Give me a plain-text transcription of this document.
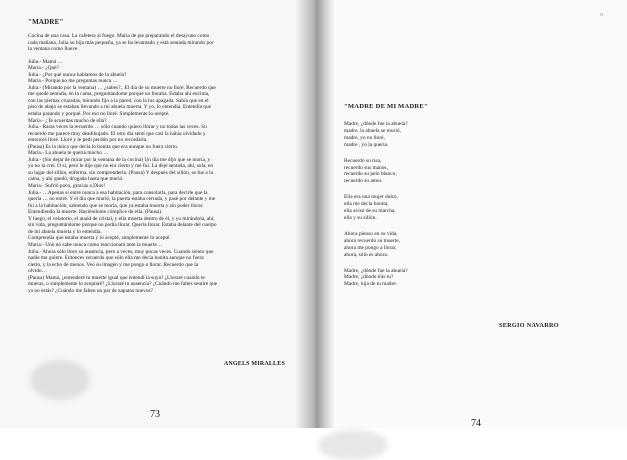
"MADRE"

Cocina de una casa. La cafetera al fuego. María de pie preparando el desayuno como

cada mañana, Julia su hija más pequeña, ya se ha levantado y está sentada mirando por

la ventana como llueve.

Julia.- Mamá …

María.- ¿Qué?

Julia.- ¿Por qué nunca hablamos de la abuela?

María.- Porque no me preguntas nunca …

Julia.- (Mirando por la ventana) … ¿sabes?.. El día de su muerte no lloré. Recuerdo que

me quedé sentada, en la cama, preguntándome porqué no lloraba. Estaba ahí encima,

con las piernas cruzadas, mirando fijo a la pared, con la luz apagada. Sabía que en el

piso de abajo se estaban llevando a mi abuela muerta. Y yo, lo entendía. Entendía que

estaba pasando y porqué. Por eso no lloré. Simplemente lo acepté.

María.- ¿Te acuerdas mucho de ella?

Julia.- Raras veces la recuerdo … sólo cuando quiero llorar y no todas las veces. Su

recuerdo me parece muy deadibujado. El otro día sentí que casi la había olvidado y

entonces lloré. Lloré y le pedí perdón por no recordarla.

(Pausa) Es la única que decía lo bonita que era aunque no fuera cierto.

María.- La abuela te quería mucho …

Julia.- (Sin dejar de mirar por la ventana de la cocina) Un día me dijo que se moría, y

yo no la creí. O sí, pero le dije que no era cierto y me fui. La dejé sentada, ahí, sola, en

su lugar del sillón, enferma, sin comprenderla. (Pausa) Y después del sillón, se fue a la

cama, y ahí quedó, drogada hasta que murió.

María.- Sufrió poco, gracias a Dios!

Julia.- …Apenas si entré nunca a esa habitación, para consolarla, para decirle que la

quería … no entré. Y el día que murió, la puerta estaba cerrada, y pasé por delante y me

fui a la habitación, sabiendo que se moría, que ya estaba muerta y sin poder llorar.

Entendiendo la muerte. Haciéndome cómplice de ella. (Pausa).

Y luego, el velatorio, el ataúd de cristal, y ella muerta dentro de él, y yo mirándola, ahí,

sin vida, preguntándome porque no podía llorar. Quería llorar. Estaba delante del cuerpo

de mi abuela muerta y lo entendía.

Comprendía que estaba muerta y lo acepté, simplemente lo acepté.

María.- Uno no sabe nunca como reaccionará ante la muerte…

Julia.- Ahora sólo lloro su ausencia, pero a veces, muy pocas veces. Cuando siento que

nadie me quiere. Entonces recuerdo que sólo ella me decía bonita aunque no fuera

cierto, y la echo de menos. Veo su imagen y me pongo a llorar. Recuerdo que la

olvido…

(Pausa) Mamá, ¿entenderé tu muerte igual que entendí la suya? ¿Lloraré cuando te

mueras, o simplemente lo aceptaré? ¿Lloraré tu ausencia? ¿Cuándo me faltes sentiré que

ya no estás? ¿Cuándo me falten un par de zapatos nuevos?

ANGELS MIRALLES
73
o
"MADRE DE MI MADRE"
Madre, ¿dónde fue la abuela?
madre, la abuela se murió,
madre, yo no lloré,
madre , yo la quería.
Recuerdo su risa,
recuerdo sus manos,
recuerdo su pelo blanco,
recuerdo su amor.
Ella era una mujer dulce,
ella me decía bonita,
ella avisó de su marcha,
ella y su sillón.
Ahora pienso en su vida,
ahora recuerdo su muerte,
ahora me pongo a llorar,
ahora, sólo es ahora.
Madre, ¿dónde fue la abuela?
Madre, ¿dónde irás tu?
Madre, hija de tu madre.
SERGIO NAVARRO
74
